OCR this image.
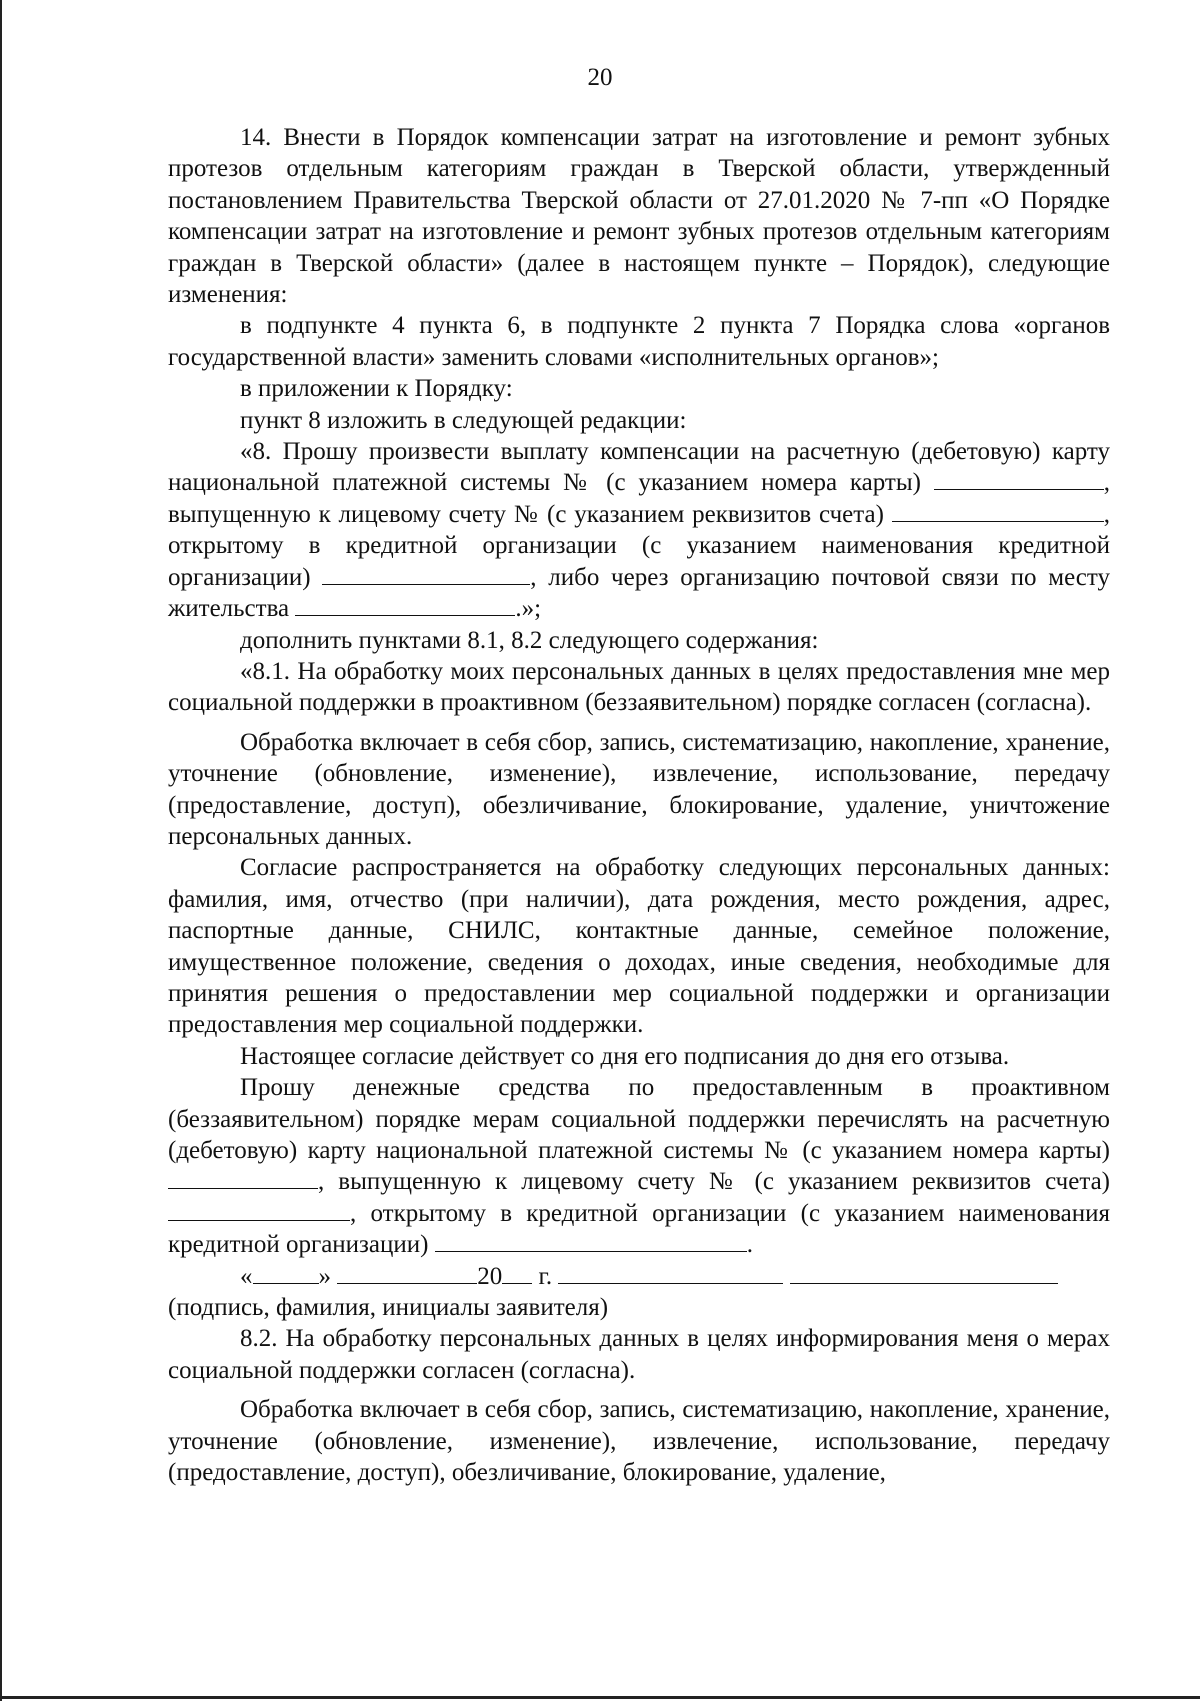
20

14. Внести в Порядок компенсации затрат на изготовление и ремонт зубных протезов отдельным категориям граждан в Тверской области, утвержденный постановлением Правительства Тверской области от 27.01.2020 № 7-пп «О Порядке компенсации затрат на изготовление и ремонт зубных протезов отдельным категориям граждан в Тверской области» (далее в настоящем пункте – Порядок), следующие изменения:

в подпункте 4 пункта 6, в подпункте 2 пункта 7 Порядка слова «органов государственной власти» заменить словами «исполнительных органов»;

в приложении к Порядку:

пункт 8 изложить в следующей редакции:

«8. Прошу произвести выплату компенсации на расчетную (дебетовую) карту национальной платежной системы № (с указанием номера карты)	, выпущенную к лицевому счету № (с указанием реквизитов счета)	, открытому в кредитной организации (с указанием наименования кредитной организации)	, либо через организацию почтовой связи по месту жительства	.»;

дополнить пунктами 8.1, 8.2 следующего содержания:

«8.1. На обработку моих персональных данных в целях предоставления мне мер социальной поддержки в проактивном (беззаявительном) порядке согласен (согласна).

Обработка включает в себя сбор, запись, систематизацию, накопление, хранение, уточнение (обновление, изменение), извлечение, использование, передачу (предоставление, доступ), обезличивание, блокирование, удаление, уничтожение персональных данных.

Согласие распространяется на обработку следующих персональных данных: фамилия, имя, отчество (при наличии), дата рождения, место рождения, адрес, паспортные данные, СНИЛС, контактные данные, семейное положение, имущественное положение, сведения о доходах, иные сведения, необходимые для принятия решения о предоставлении мер социальной поддержки и организации предоставления мер социальной поддержки.

Настоящее согласие действует со дня его подписания до дня его отзыва.

Прошу денежные средства по предоставленным в проактивном (беззаявительном) порядке мерам социальной поддержки перечислять на расчетную (дебетовую) карту национальной платежной системы № (с указанием номера карты) , выпущенную к лицевому счету № (с указанием реквизитов счета) , открытому в кредитной организации (с указанием наименования кредитной организации)	.

«	»	20 г.

(подпись, фамилия, инициалы заявителя)

8.2. На обработку персональных данных в целях информирования меня о мерах социальной поддержки согласен (согласна).

Обработка включает в себя сбор, запись, систематизацию, накопление, хранение, уточнение (обновление, изменение), извлечение, использование, передачу (предоставление, доступ), обезличивание, блокирование, удаление,
